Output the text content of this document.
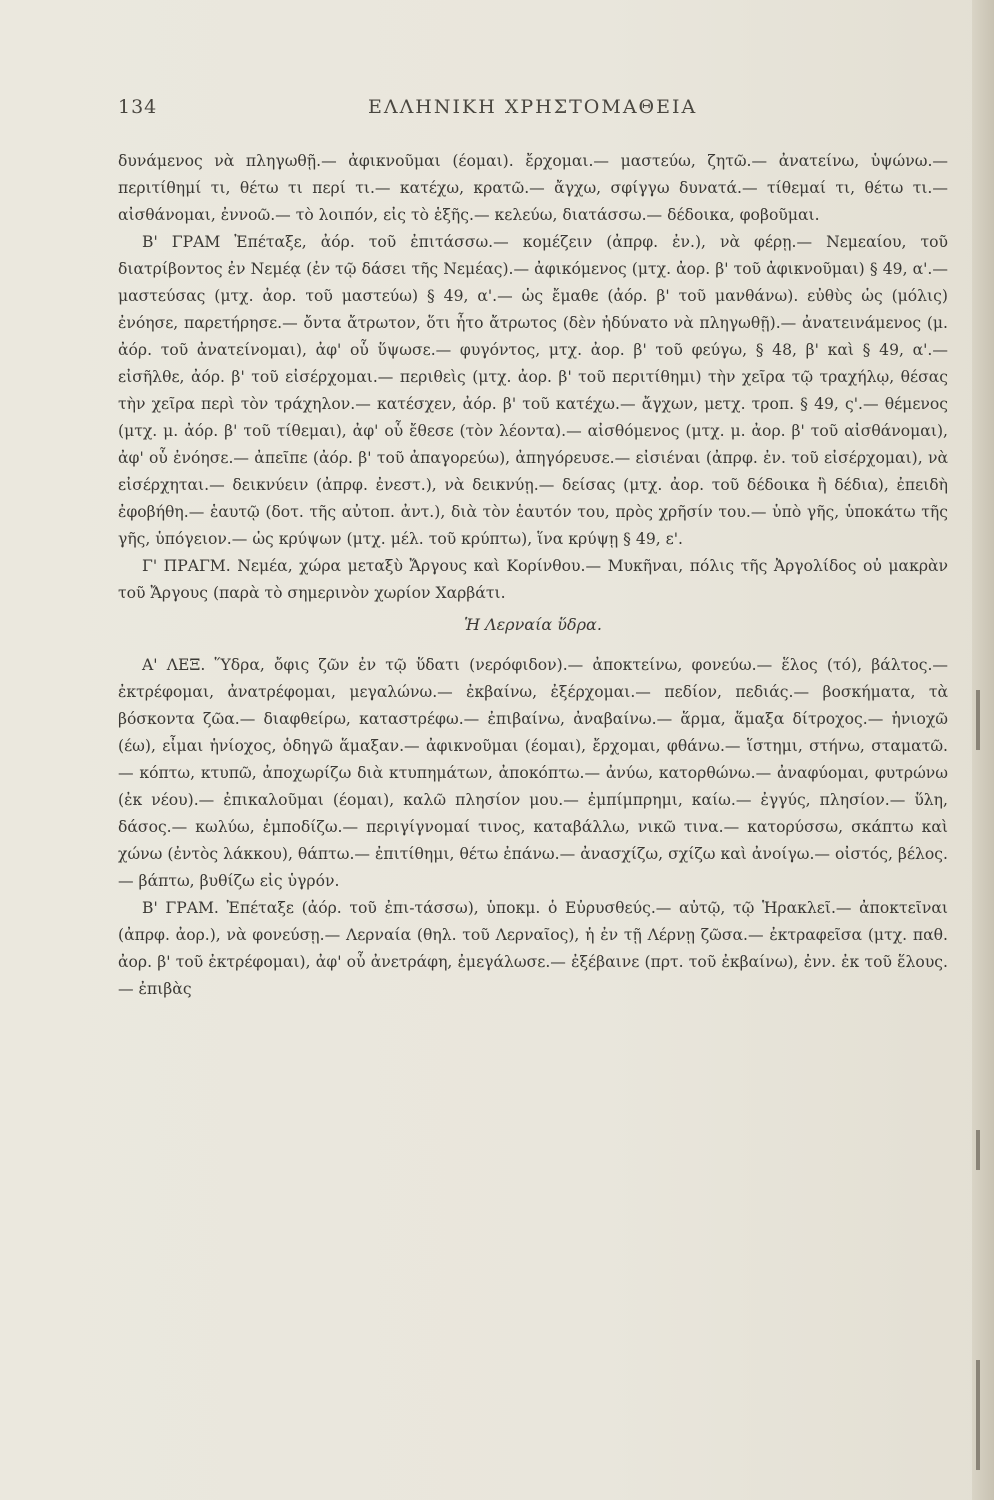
134	ΕΛΛΗΝΙΚΗ ΧΡΗΣΤΟΜΑΘΕΙΑ

δυνάμενος νὰ πληγωθῇ.— ἀφικνοῦμαι (έομαι). ἔρχομαι.— μαστεύω, ζητῶ.— ἀνατείνω, ὑψώνω.— περιτίθημί τι, θέτω τι περί τι.— κατέχω, κρατῶ.— ἄγχω, σφίγγω δυνατά.— τίθεμαί τι, θέτω τι.— αἰσθάνομαι, ἐννοῶ.— τὸ λοιπόν, εἰς τὸ ἑξῆς.— κελεύω, διατάσσω.— δέδοικα, φοβοῦμαι.

Β' ΓΡΑΜ Ἐπέταξε, ἀόρ. τοῦ ἐπιτάσσω.— κομέζειν (ἀπρφ. ἐν.), νὰ φέρῃ.— Νεμεαίου, τοῦ διατρίβοντος ἐν Νεμέᾳ (ἐν τῷ δάσει τῆς Νεμέας).— ἀφικόμενος (μτχ. ἀορ. β' τοῦ ἀφικνοῦμαι) § 49, α'.— μαστεύσας (μτχ. ἀορ. τοῦ μαστεύω) § 49, α'.— ὡς ἔμαθε (ἀόρ. β' τοῦ μανθάνω). εὐθὺς ὡς (μόλις) ἐνόησε, παρετήρησε.— ὄντα ἄτρωτον, ὅτι ἦτο ἄτρωτος (δὲν ἠδύνατο νὰ πληγωθῇ).— ἀνατεινάμενος (μ. ἀόρ. τοῦ ἀνατείνομαι), ἀφ' οὗ ὕψωσε.— φυγόντος, μτχ. ἀορ. β' τοῦ φεύγω, § 48, β' καὶ § 49, α'.— εἰσῆλθε, ἀόρ. β' τοῦ εἰσέρχομαι.— περιθεὶς (μτχ. ἀορ. β' τοῦ περιτίθημι) τὴν χεῖρα τῷ τραχήλῳ, θέσας τὴν χεῖρα περὶ τὸν τράχηλον.— κατέσχεν, ἀόρ. β' τοῦ κατέχω.— ἄγχων, μετχ. τροπ. § 49, ς'.— θέμενος (μτχ. μ. ἀόρ. β' τοῦ τίθεμαι), ἀφ' οὗ ἔθεσε (τὸν λέοντα).— αἰσθόμενος (μτχ. μ. ἀορ. β' τοῦ αἰσθάνομαι), ἀφ' οὗ ἐνόησε.— ἀπεῖπε (ἀόρ. β' τοῦ ἀπαγορεύω), ἀπηγόρευσε.— εἰσιέναι (ἀπρφ. ἐν. τοῦ εἰσέρχομαι), νὰ εἰσέρχηται.— δεικνύειν (ἀπρφ. ἐνεστ.), νὰ δεικνύῃ.— δείσας (μτχ. ἀορ. τοῦ δέδοικα ἢ δέδια), ἐπειδὴ ἐφοβήθη.— ἑαυτῷ (δοτ. τῆς αὐτοπ. ἀντ.), διὰ τὸν ἑαυτόν του, πρὸς χρῆσίν του.— ὑπὸ γῆς, ὑποκάτω τῆς γῆς, ὑπόγειον.— ὡς κρύψων (μτχ. μέλ. τοῦ κρύπτω), ἵνα κρύψῃ § 49, ε'.

Γ' ΠΡΑΓΜ. Νεμέα, χώρα μεταξὺ Ἄργους καὶ Κορίνθου.— Μυκῆναι, πόλις τῆς Ἀργολίδος οὐ μακρὰν τοῦ Ἄργους (παρὰ τὸ σημερινὸν χωρίον Χαρβάτι.

Ἡ Λερναία ὕδρα.

Α' ΛΕΞ. Ὕδρα, ὄφις ζῶν ἐν τῷ ὕδατι (νερόφιδον).— ἀποκτείνω, φονεύω.— ἕλος (τό), βάλτος.— ἐκτρέφομαι, ἀνατρέφομαι, μεγαλώνω.— ἐκβαίνω, ἐξέρχομαι.— πεδίον, πεδιάς.— βοσκήματα, τὰ βόσκοντα ζῶα.— διαφθείρω, καταστρέφω.— ἐπιβαίνω, ἀναβαίνω.— ἅρμα, ἅμαξα δίτροχος.— ἡνιοχῶ (έω), εἶμαι ἡνίοχος, ὁδηγῶ ἅμαξαν.— ἀφικνοῦμαι (έομαι), ἔρχομαι, φθάνω.— ἵστημι, στήνω, σταματῶ.— κόπτω, κτυπῶ, ἀποχωρίζω διὰ κτυπημάτων, ἀποκόπτω.— ἀνύω, κατορθώνω.— ἀναφύομαι, φυτρώνω (ἐκ νέου).— ἐπικαλοῦμαι (έομαι), καλῶ πλησίον μου.— ἐμπίμπρημι, καίω.— ἐγγύς, πλησίον.— ὕλη, δάσος.— κωλύω, ἐμποδίζω.— περιγίγνομαί τινος, καταβάλλω, νικῶ τινα.— κατορύσσω, σκάπτω καὶ χώνω (ἐντὸς λάκκου), θάπτω.— ἐπιτίθημι, θέτω ἐπάνω.— ἀνασχίζω, σχίζω καὶ ἀνοίγω.— οἰστός, βέλος.— βάπτω, βυθίζω εἰς ὑγρόν.

Β' ΓΡΑΜ. Ἐπέταξε (ἀόρ. τοῦ ἐπι-τάσσω), ὑποκμ. ὁ Εὐρυσθεύς.— αὐτῷ, τῷ Ἡρακλεῖ.— ἀποκτεῖναι (ἀπρφ. ἀορ.), νὰ φονεύσῃ.— Λερναία (θηλ. τοῦ Λερναῖος), ἡ ἐν τῇ Λέρνῃ ζῶσα.— ἐκτραφεῖσα (μτχ. παθ. ἀορ. β' τοῦ ἐκτρέφομαι), ἀφ' οὗ ἀνετράφη, ἐμεγάλωσε.— ἐξέβαινε (πρτ. τοῦ ἐκβαίνω), ἐνν. ἐκ τοῦ ἕλους.— ἐπιβὰς
